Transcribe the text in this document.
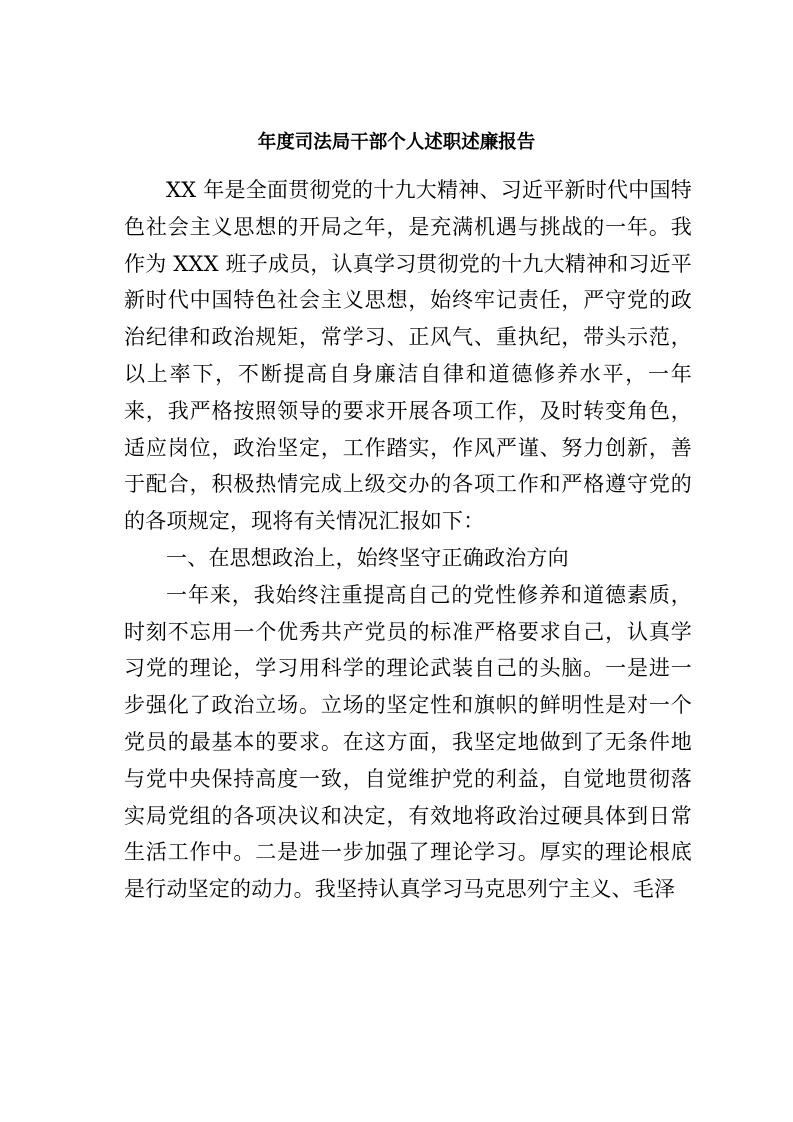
年度司法局干部个人述职述廉报告

XX 年是全面贯彻党的十九大精神、习近平新时代中国特色社会主义思想的开局之年，是充满机遇与挑战的一年。我作为 XXX 班子成员，认真学习贯彻党的十九大精神和习近平新时代中国特色社会主义思想，始终牢记责任，严守党的政治纪律和政治规矩，常学习、正风气、重执纪，带头示范，以上率下，不断提高自身廉洁自律和道德修养水平，一年来，我严格按照领导的要求开展各项工作，及时转变角色，适应岗位，政治坚定，工作踏实，作风严谨、努力创新，善于配合，积极热情完成上级交办的各项工作和严格遵守党的的各项规定，现将有关情况汇报如下：

一、在思想政治上，始终坚守正确政治方向

一年来，我始终注重提高自己的党性修养和道德素质，时刻不忘用一个优秀共产党员的标准严格要求自己，认真学习党的理论，学习用科学的理论武装自己的头脑。一是进一步强化了政治立场。立场的坚定性和旗帜的鲜明性是对一个党员的最基本的要求。在这方面，我坚定地做到了无条件地与党中央保持高度一致，自觉维护党的利益，自觉地贯彻落实局党组的各项决议和决定，有效地将政治过硬具体到日常生活工作中。二是进一步加强了理论学习。厚实的理论根底是行动坚定的动力。我坚持认真学习马克思列宁主义、毛泽
